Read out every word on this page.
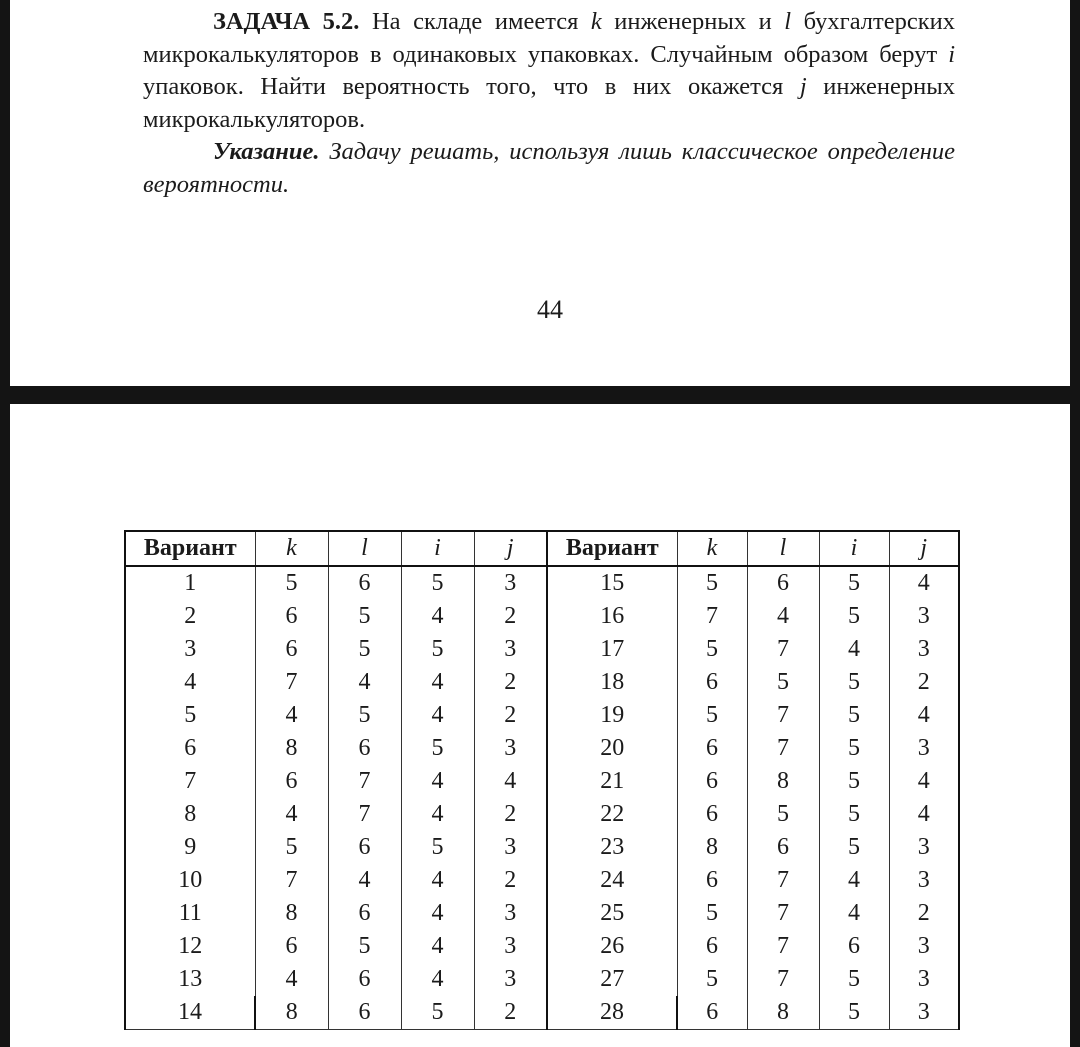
ЗАДАЧА 5.2. На складе имеется k инженерных и l бухгалтерских микрокалькуляторов в одинаковых упаковках. Случайным образом берут i упаковок. Найти вероятность того, что в них окажется j инженерных микрокалькуляторов.

Указание. Задачу решать, используя лишь классическое определение вероятности.

44
Вариант	k	l	i	j	Вариант	k	l	i	j
1	5	6	5	3	15	5	6	5	4
2	6	5	4	2	16	7	4	5	3
3	6	5	5	3	17	5	7	4	3
4	7	4	4	2	18	6	5	5	2
5	4	5	4	2	19	5	7	5	4
6	8	6	5	3	20	6	7	5	3
7	6	7	4	4	21	6	8	5	4
8	4	7	4	2	22	6	5	5	4
9	5	6	5	3	23	8	6	5	3
10	7	4	4	2	24	6	7	4	3
11	8	6	4	3	25	5	7	4	2
12	6	5	4	3	26	6	7	6	3
13	4	6	4	3	27	5	7	5	3
14	8	6	5	2	28	6	8	5	3
